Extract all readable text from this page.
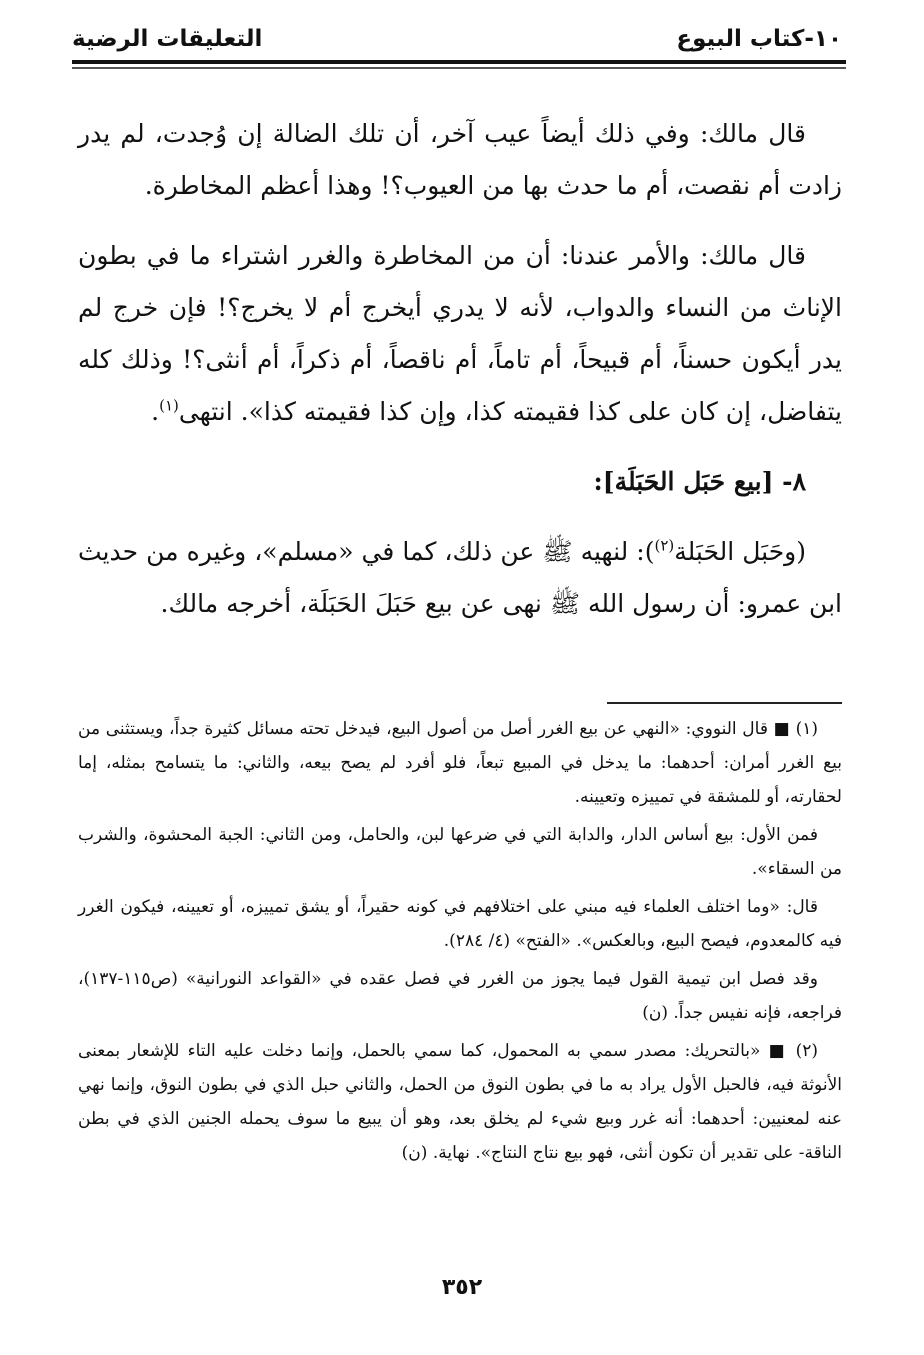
١٠-كتاب البيوع
التعليقات الرضية

قال مالك: وفي ذلك أيضاً عيب آخر، أن تلك الضالة إن وُجدت، لم يدر زادت أم نقصت، أم ما حدث بها من العيوب؟! وهذا أعظم المخاطرة.

قال مالك: والأمر عندنا: أن من المخاطرة والغرر اشتراء ما في بطون الإناث من النساء والدواب، لأنه لا يدري أيخرج أم لا يخرج؟! فإن خرج لم يدر أيكون حسناً، أم قبيحاً، أم تاماً، أم ناقصاً، أم ذكراً، أم أنثى؟! وذلك كله يتفاضل، إن كان على كذا فقيمته كذا، وإن كذا فقيمته كذا». انتهى$^{(١)}$.

٨- [بيع حَبَل الحَبَلَة]:

(وحَبَل الحَبَلة$^{(٢)}$): لنهيه ﷺ عن ذلك، كما في «مسلم»، وغيره من حديث ابن عمرو: أن رسول الله ﷺ نهى عن بيع حَبَلَ الحَبَلَة، أخرجه مالك.

(١) ■ قال النووي: «النهي عن بيع الغرر أصل من أصول البيع، فيدخل تحته مسائل كثيرة جداً، ويستثنى من بيع الغرر أمران: أحدهما: ما يدخل في المبيع تبعاً، فلو أفرد لم يصح بيعه، والثاني: ما يتسامح بمثله، إما لحقارته، أو للمشقة في تمييزه وتعيينه.

فمن الأول: بيع أساس الدار، والدابة التي في ضرعها لبن، والحامل، ومن الثاني: الجبة المحشوة، والشرب من السقاء».

قال: «وما اختلف العلماء فيه مبني على اختلافهم في كونه حقيراً، أو يشق تمييزه، أو تعيينه، فيكون الغرر فيه كالمعدوم، فيصح البيع، وبالعكس». «الفتح» (٤/ ٢٨٤).

وقد فصل ابن تيمية القول فيما يجوز من الغرر في فصل عقده في «القواعد النورانية» (ص١١٥-١٣٧)، فراجعه، فإنه نفيس جداً. (ن)

(٢) ■ «بالتحريك: مصدر سمي به المحمول، كما سمي بالحمل، وإنما دخلت عليه التاء للإشعار بمعنى الأنوثة فيه، فالحبل الأول يراد به ما في بطون النوق من الحمل، والثاني حبل الذي في بطون النوق، وإنما نهي عنه لمعنيين: أحدهما: أنه غرر وبيع شيء لم يخلق بعد، وهو أن يبيع ما سوف يحمله الجنين الذي في بطن الناقة- على تقدير أن تكون أنثى، فهو بيع نتاج النتاج». نهاية. (ن)

٣٥٢
